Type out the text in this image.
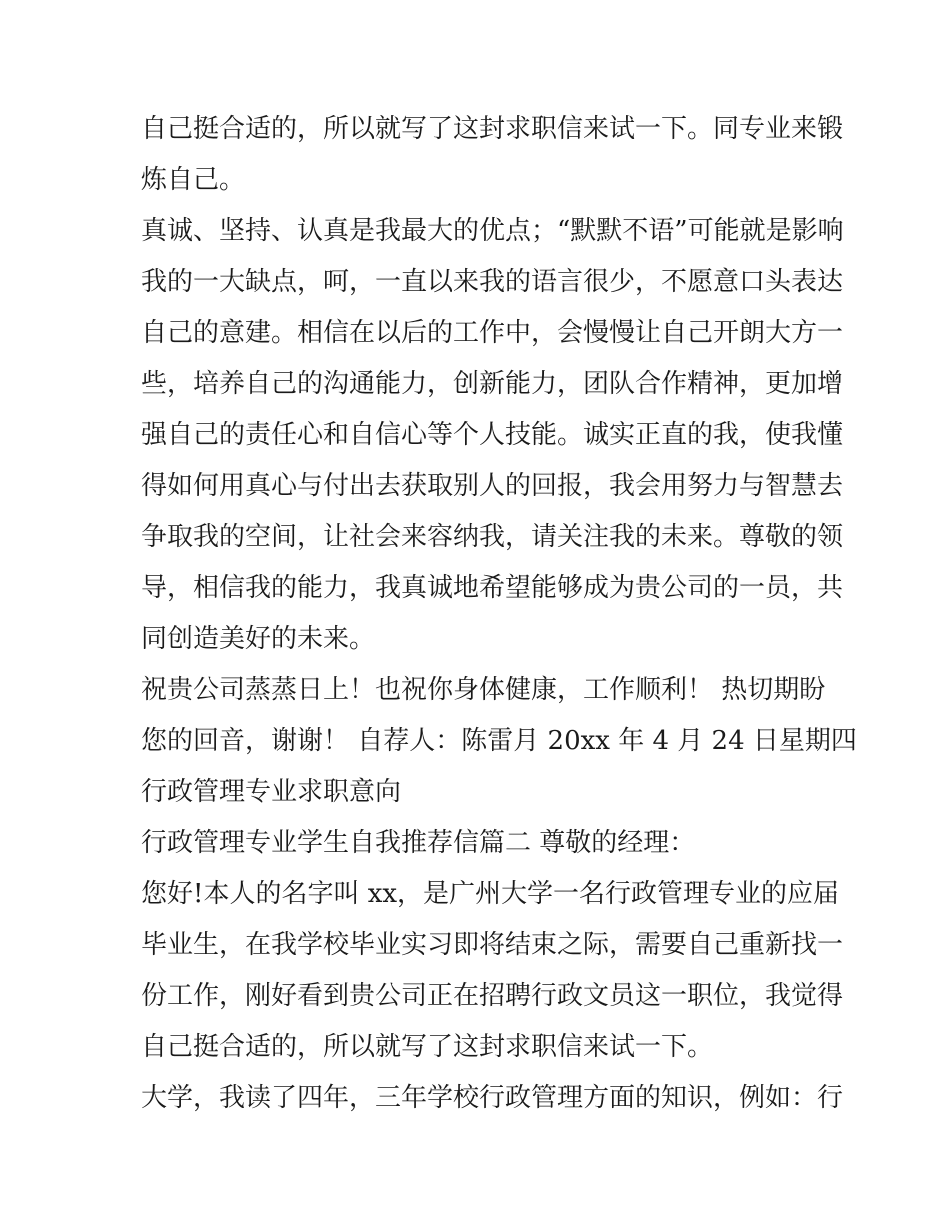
自己挺合适的，所以就写了这封求职信来试一下。同专业来锻
炼自己。
真诚、坚持、认真是我最大的优点；“默默不语”可能就是影响
我的一大缺点，呵，一直以来我的语言很少，不愿意口头表达
自己的意建。相信在以后的工作中，会慢慢让自己开朗大方一
些，培养自己的沟通能力，创新能力，团队合作精神，更加增
强自己的责任心和自信心等个人技能。诚实正直的我，使我懂
得如何用真心与付出去获取别人的回报，我会用努力与智慧去
争取我的空间，让社会来容纳我，请关注我的未来。尊敬的领
导，相信我的能力，我真诚地希望能够成为贵公司的一员，共
同创造美好的未来。
祝贵公司蒸蒸日上！也祝你身体健康，工作顺利！ 热切期盼
您的回音，谢谢！ 自荐人：陈雷月 20xx 年 4 月 24 日星期四
行政管理专业求职意向
行政管理专业学生自我推荐信篇二 尊敬的经理：
您好!本人的名字叫 xx，是广州大学一名行政管理专业的应届
毕业生，在我学校毕业实习即将结束之际，需要自己重新找一
份工作，刚好看到贵公司正在招聘行政文员这一职位，我觉得
自己挺合适的，所以就写了这封求职信来试一下。
大学，我读了四年，三年学校行政管理方面的知识，例如：行
